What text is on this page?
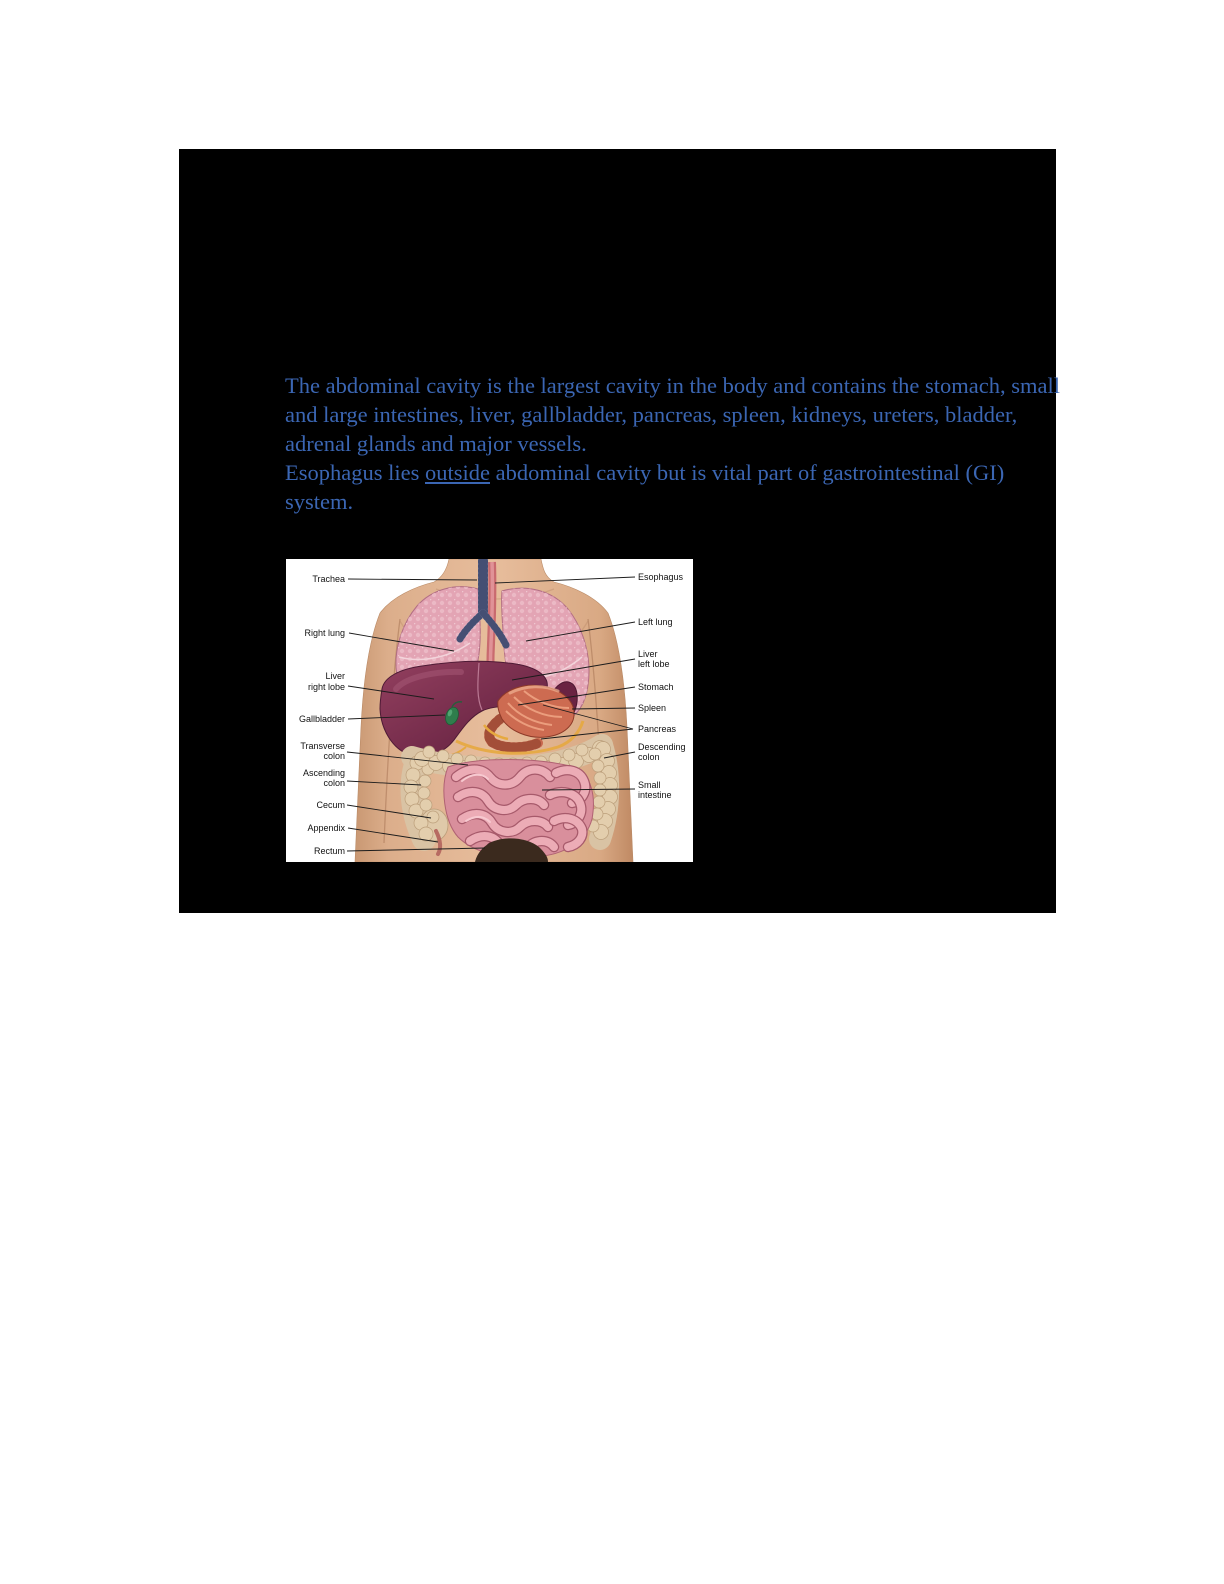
The abdominal cavity is the largest cavity in the body and contains the stomach, small and large intestines, liver, gallbladder, pancreas, spleen, kidneys, ureters, bladder, adrenal glands and major vessels.

Esophagus lies outside abdominal cavity but is vital part of gastrointestinal (GI) system.

Trachea
Right lung
Liver
right lobe
Gallbladder
Transverse
colon
Ascending
colon
Cecum
Appendix
Rectum
Esophagus
Left lung
Liver
left lobe
Stomach
Spleen
Pancreas
Descending
colon
Small
intestine
